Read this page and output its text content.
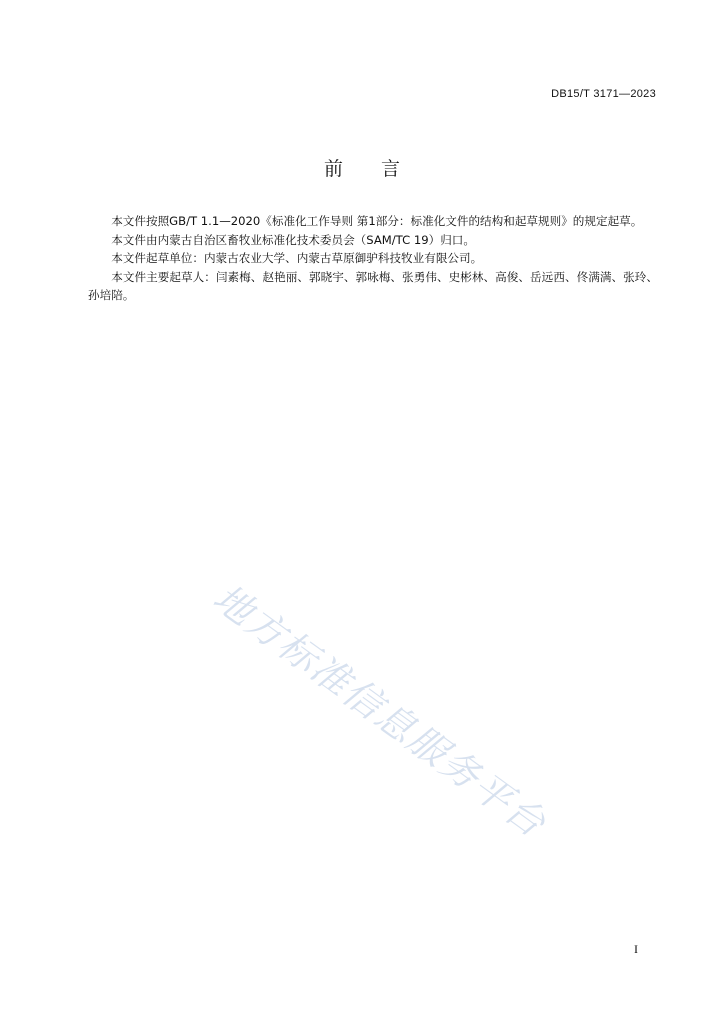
DB15/T 3171—2023
前言

本文件按照GB/T 1.1—2020《标准化工作导则 第1部分：标准化文件的结构和起草规则》的规定起草。

本文件由内蒙古自治区畜牧业标准化技术委员会（SAM/TC 19）归口。

本文件起草单位：内蒙古农业大学、内蒙古草原御驴科技牧业有限公司。

本文件主要起草人：闫素梅、赵艳丽、郭晓宇、郭咏梅、张勇伟、史彬林、高俊、岳远西、佟满满、张玲、孙培陪。

地方标准信息服务平台
I
